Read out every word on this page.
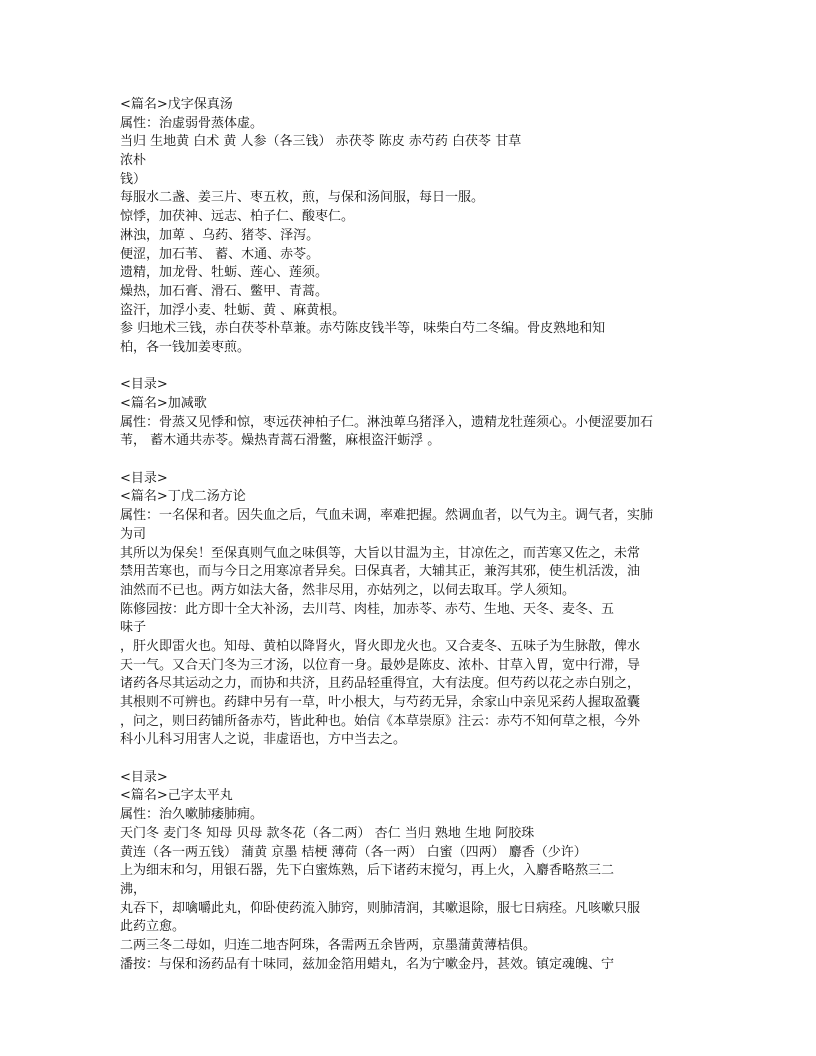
<篇名>戊字保真汤
属性：治虚弱骨蒸体虚。
当归 生地黄 白术 黄 人参（各三钱） 赤茯苓 陈皮 赤芍药 白茯苓 甘草
浓朴
钱）
每服水二盏、姜三片、枣五枚，煎，与保和汤间服，每日一服。
惊悸，加茯神、远志、柏子仁、酸枣仁。
淋浊，加萆 、乌药、猪苓、泽泻。
便涩，加石苇、 蓄、木通、赤苓。
遗精，加龙骨、牡蛎、莲心、莲须。
燥热，加石膏、滑石、鳖甲、青蒿。
盗汗，加浮小麦、牡蛎、黄 、麻黄根。
参 归地术三钱，赤白茯苓朴草兼。赤芍陈皮钱半等，味柴白芍二冬编。骨皮熟地和知
柏，各一钱加姜枣煎。
<目录>
<篇名>加减歌
属性：骨蒸又见悸和惊，枣远茯神柏子仁。淋浊萆乌猪泽入，遗精龙牡莲须心。小便涩要加石
苇， 蓄木通共赤苓。燥热青蒿石滑鳖，麻根盗汗蛎浮 。
<目录>
<篇名>丁戊二汤方论
属性：一名保和者。因失血之后，气血未调，率难把握。然调血者，以气为主。调气者，实肺
为司
其所以为保矣！至保真则气血之味俱等，大旨以甘温为主，甘凉佐之，而苦寒又佐之，未常
禁用苦寒也，而与今日之用寒凉者异矣。曰保真者，大辅其正，兼泻其邪，使生机活泼，油
油然而不已也。两方如法大备，然非尽用，亦姑列之，以伺去取耳。学人须知。
陈修园按：此方即十全大补汤，去川芎、肉桂，加赤苓、赤芍、生地、天冬、麦冬、五
味子
，肝火即雷火也。知母、黄柏以降肾火，肾火即龙火也。又合麦冬、五味子为生脉散，俾水
天一气。又合天门冬为三才汤，以位育一身。最妙是陈皮、浓朴、甘草入胃，宽中行滞，导
诸药各尽其运动之力，而协和共济，且药品轻重得宜，大有法度。但芍药以花之赤白别之，
其根则不可辨也。药肆中另有一草，叶小根大，与芍药无异，余家山中亲见采药人握取盈囊
，问之，则曰药铺所备赤芍，皆此种也。始信《本草崇原》注云：赤芍不知何草之根，今外
科小儿科习用害人之说，非虚语也，方中当去之。
<目录>
<篇名>己字太平丸
属性：治久嗽肺痿肺痈。
天门冬 麦门冬 知母 贝母 款冬花（各二两） 杏仁 当归 熟地 生地 阿胶珠
黄连（各一两五钱） 蒲黄 京墨 桔梗 薄荷（各一两） 白蜜（四两） 麝香（少许）
上为细末和匀，用银石器，先下白蜜炼熟，后下诸药末搅匀，再上火，入麝香略熬三二
沸，
丸吞下，却噙嚼此丸，仰卧使药流入肺窍，则肺清润，其嗽退除，服七日病痊。凡咳嗽只服
此药立愈。
二两三冬二母如，归连二地杏阿珠，各需两五余皆两，京墨蒲黄薄桔俱。
潘按：与保和汤药品有十味同，兹加金箔用蜡丸，名为宁嗽金丹，甚效。镇定魂魄、宁
